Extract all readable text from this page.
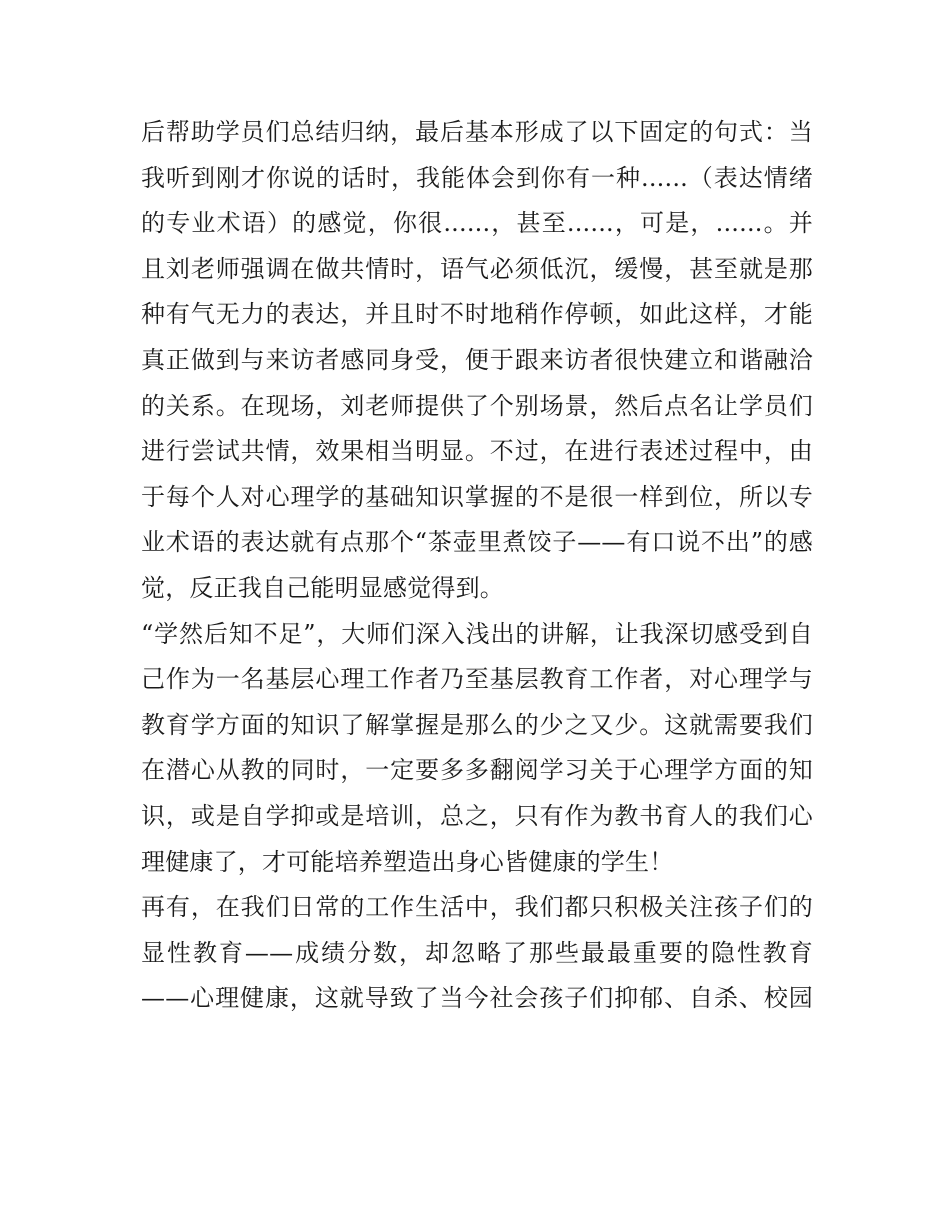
后帮助学员们总结归纳，最后基本形成了以下固定的句式：当
我听到刚才你说的话时，我能体会到你有一种......（表达情绪
的专业术语）的感觉，你很......，甚至......，可是，......。并
且刘老师强调在做共情时，语气必须低沉，缓慢，甚至就是那
种有气无力的表达，并且时不时地稍作停顿，如此这样，才能
真正做到与来访者感同身受，便于跟来访者很快建立和谐融洽
的关系。在现场，刘老师提供了个别场景，然后点名让学员们
进行尝试共情，效果相当明显。不过，在进行表述过程中，由
于每个人对心理学的基础知识掌握的不是很一样到位，所以专
业术语的表达就有点那个“茶壶里煮饺子——有口说不出”的感
觉，反正我自己能明显感觉得到。
“学然后知不足”，大师们深入浅出的讲解，让我深切感受到自
己作为一名基层心理工作者乃至基层教育工作者，对心理学与
教育学方面的知识了解掌握是那么的少之又少。这就需要我们
在潜心从教的同时，一定要多多翻阅学习关于心理学方面的知
识，或是自学抑或是培训，总之，只有作为教书育人的我们心
理健康了，才可能培养塑造出身心皆健康的学生！
再有，在我们日常的工作生活中，我们都只积极关注孩子们的
显性教育——成绩分数，却忽略了那些最最重要的隐性教育
——心理健康，这就导致了当今社会孩子们抑郁、自杀、校园
